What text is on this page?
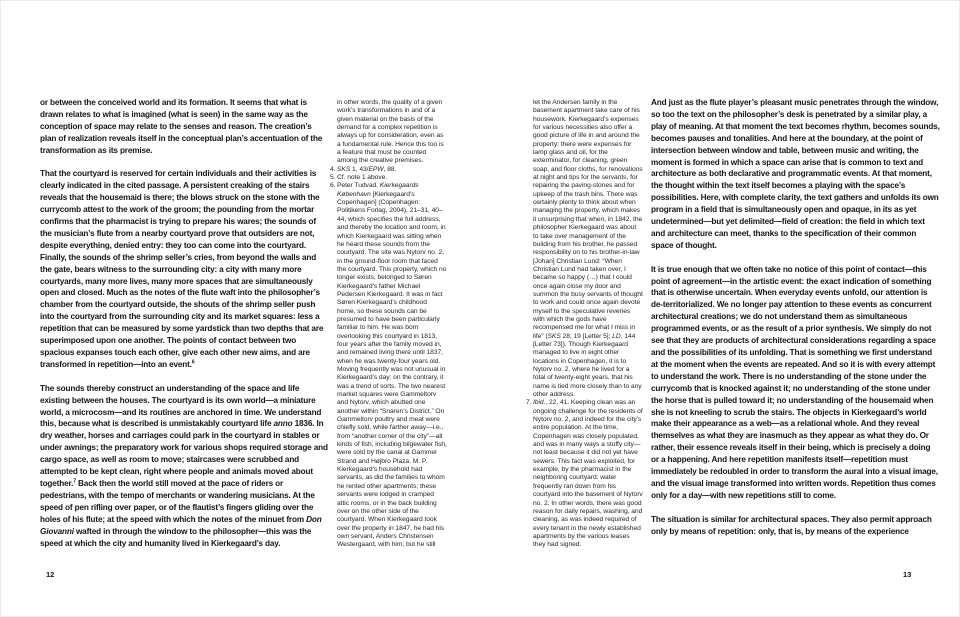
or between the conceived world and its formation. It seems that what is drawn relates to what is imagined (what is seen) in the same way as the conception of space may relate to the senses and reason. The creation’s plan of realization reveals itself in the conceptual plan’s accentuation of the transformation as its premise.

That the courtyard is reserved for certain individuals and their activities is clearly indicated in the cited passage. A persistent creaking of the stairs reveals that the housemaid is there; the blows struck on the stone with the currycomb attest to the work of the groom; the pounding from the mortar confirms that the pharmacist is trying to prepare his wares; the sounds of the musician’s flute from a nearby courtyard prove that outsiders are not, despite everything, denied entry: they too can come into the courtyard. Finally, the sounds of the shrimp seller’s cries, from beyond the walls and the gate, bears witness to the surrounding city: a city with many more courtyards, many more lives, many more spaces that are simultaneously open and closed. Much as the notes of the flute waft into the philosopher’s chamber from the courtyard outside, the shouts of the shrimp seller push into the courtyard from the surrounding city and its market squares: less a repetition that can be measured by some yardstick than two depths that are superimposed upon one another. The points of contact between two spacious expanses touch each other, give each other new aims, and are transformed in repetition—into an event.$^6$

The sounds thereby construct an understanding of the space and life existing between the houses. The courtyard is its own world—a miniature world, a microcosm—and its routines are anchored in time. We understand this, because what is described is unmistakably courtyard life anno 1836. In dry weather, horses and carriages could park in the courtyard in stables or under awnings; the preparatory work for various shops required storage and cargo space, as well as room to move; staircases were scrubbed and attempted to be kept clean, right where people and animals moved about together.$^7$ Back then the world still moved at the pace of riders or pedestrians, with the tempo of merchants or wandering musicians. At the speed of pen rifling over paper, or of the flautist’s fingers gliding over the holes of his flute; at the speed with which the notes of the minuet from Don Giovanni wafted in through the window to the philosopher—this was the speed at which the city and humanity lived in Kierkegaard’s day.

in other words, the quality of a given work’s transformations in and of a given material on the basis of the demand for a complex repetition is always up for consideration, even as a fundamental rule. Hence this too is a feature that must be counted among the creative premises.

4. SKS 1, 43/EPW, 88.

5. Cf. note 1 above.

6. Peter Tudvad, Kierkegaards København [Kierkegaard’s Copenhagen] (Copenhagen: Politikens Forlag, 2004), 21–31, 40–44, which specifies the full address, and thereby the location and room, in which Kierkegaard was sitting when he heard these sounds from the courtyard. The site was Nytorv no. 2, in the ground-floor room that faced the courtyard. This property, which no longer exists, belonged to Søren Kierkegaard’s father Michael Pedersen Kierkegaard. It was in fact Søren Kierkegaard’s childhood home, so these sounds can be presumed to have been particularly familiar to him. He was born overlooking this courtyard in 1813, four years after the family moved in, and remained living there until 1837, when he was twenty-four years old. Moving frequently was not unusual in Kierkegaard’s day; on the contrary, it was a trend of sorts. The two nearest market squares were Gammeltorv and Nytorv, which abutted one another within “Snaren’s District.” On Gammeltorv poultry and meat were chiefly sold, while farther away—i.e., from “another corner of the city”—all kinds of fish, including bilgewater fish, were sold by the canal at Gammel Strand and Højbro Plaza. M. P. Kierkegaard’s household had servants, as did the families to whom he rented other apartments; these servants were lodged in cramped attic rooms, or in the back building over on the other side of the courtyard. When Kierkegaard took over the property in 1847, he had his own servant, Anders Christensen Westergaard, with him; but he still

12

let the Andersen family in the basement apartment take care of his housework. Kierkegaard’s expenses for various necessities also offer a good picture of life in and around the property: there were expenses for lamp glass and oil, for the exterminator, for cleaning, green soap, and floor cloths, for renovations at night and tips for the servants, for repairing the paving-stones and for upkeep of the trash bins. There was certainly plenty to think about when managing the property, which makes it unsurprising that when, in 1842, the philosopher Kierkegaard was about to take over management of the building from his brother, he passed responsibility on to his brother-in-law [Johan] Christian Lund: “When Christian Lund had taken over, I became so happy (…) that I could once again close my door and summon the busy servants of thought to work and could once again devote myself to the speculative reveries with which the gods have recompensed me for what I miss in life” (SKS 28, 19 [Letter 5]; LD, 144 [Letter 73]). Though Kierkegaard managed to live in eight other locations in Copenhagen, it is to Nytorv no. 2, where he lived for a total of twenty-eight years, that his name is tied more closely than to any other address.

7. Ibid., 22, 41. Keeping clean was an ongoing challenge for the residents of Nytorv no. 2, and indeed for the city’s entire population. At the time, Copenhagen was closely populated, and was in many ways a stuffy city—not least because it did not yet have sewers. This fact was exploited, for example, by the pharmacist in the neighboring courtyard: water frequently ran down from his courtyard into the basement of Nytorv no. 2. In other words, there was good reason for daily repairs, washing, and cleaning, as was indeed required of every tenant in the newly established apartments by the various leases they had signed.

And just as the flute player’s pleasant music penetrates through the window, so too the text on the philosopher’s desk is penetrated by a similar play, a play of meaning. At that moment the text becomes rhythm, becomes sounds, becomes pauses and tonalities. And here at the boundary, at the point of intersection between window and table, between music and writing, the moment is formed in which a space can arise that is common to text and architecture as both declarative and programmatic events. At that moment, the thought within the text itself becomes a playing with the space’s possibilities. Here, with complete clarity, the text gathers and unfolds its own program in a field that is simultaneously open and opaque, in its as yet undetermined—but yet delimited—field of creation: the field in which text and architecture can meet, thanks to the specification of their common space of thought.

It is true enough that we often take no notice of this point of contact—this point of agreement—in the artistic event: the exact indication of something that is otherwise uncertain. When everyday events unfold, our attention is de-territorialized. We no longer pay attention to these events as concurrent architectural creations; we do not understand them as simultaneous programmed events, or as the result of a prior synthesis. We simply do not see that they are products of architectural considerations regarding a space and the possibilities of its unfolding. That is something we first understand at the moment when the events are repeated. And so it is with every attempt to understand the work. There is no understanding of the stone under the currycomb that is knocked against it; no understanding of the stone under the horse that is pulled toward it; no understanding of the housemaid when she is not kneeling to scrub the stairs. The objects in Kierkegaard’s world make their appearance as a web—as a relational whole. And they reveal themselves as what they are inasmuch as they appear as what they do. Or rather, their essence reveals itself in their being, which is precisely a doing or a happening. And here repetition manifests itself—repetition must immediately be redoubled in order to transform the aural into a visual image, and the visual image transformed into written words. Repetition thus comes only for a day—with new repetitions still to come.

The situation is similar for architectural spaces. They also permit approach only by means of repetition: only, that is, by means of the experience

13
